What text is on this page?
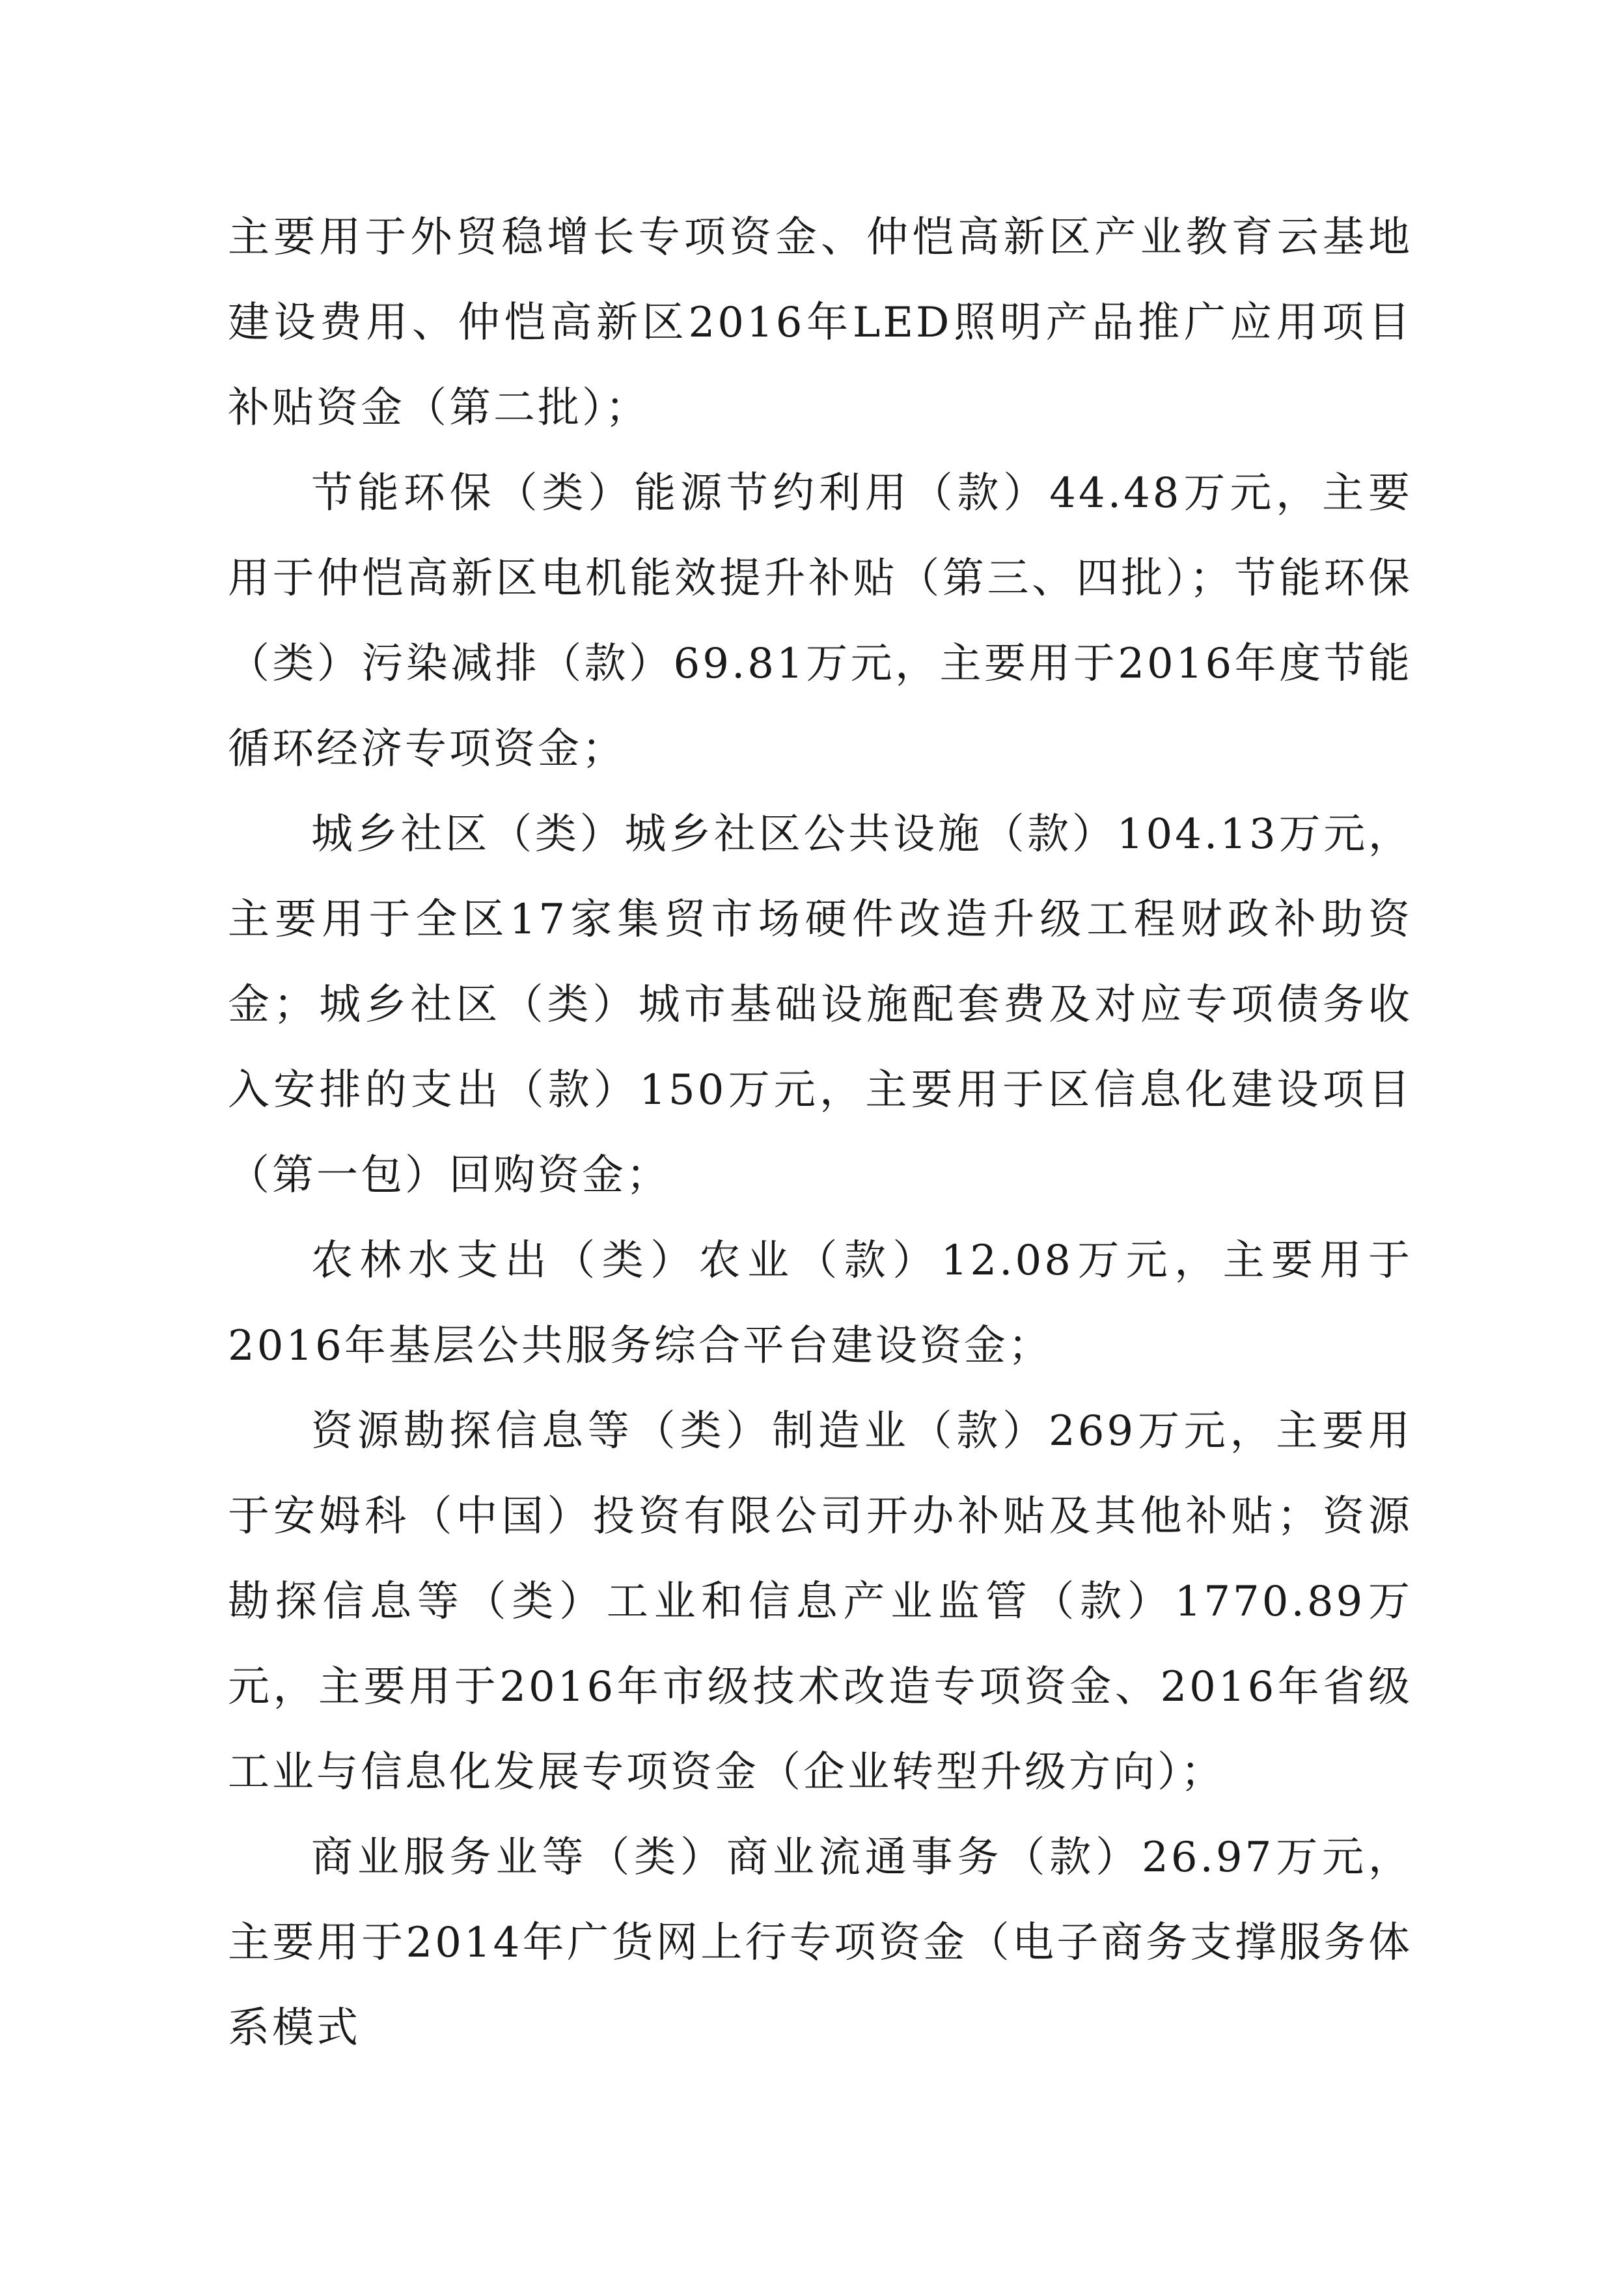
主要用于外贸稳增长专项资金、仲恺高新区产业教育云基地建设费用、仲恺高新区2016年LED照明产品推广应用项目补贴资金（第二批）；

节能环保（类）能源节约利用（款）44.48万元，主要用于仲恺高新区电机能效提升补贴（第三、四批）；节能环保（类）污染减排（款）69.81万元，主要用于2016年度节能循环经济专项资金；

城乡社区（类）城乡社区公共设施（款）104.13万元，主要用于全区17家集贸市场硬件改造升级工程财政补助资金；城乡社区（类）城市基础设施配套费及对应专项债务收入安排的支出（款）150万元，主要用于区信息化建设项目（第一包）回购资金；

农林水支出（类）农业（款）12.08万元，主要用于2016年基层公共服务综合平台建设资金；

资源勘探信息等（类）制造业（款）269万元，主要用于安姆科（中国）投资有限公司开办补贴及其他补贴；资源勘探信息等（类）工业和信息产业监管（款）1770.89万元，主要用于2016年市级技术改造专项资金、2016年省级工业与信息化发展专项资金（企业转型升级方向）；

商业服务业等（类）商业流通事务（款）26.97万元，主要用于2014年广货网上行专项资金（电子商务支撑服务体系模式
